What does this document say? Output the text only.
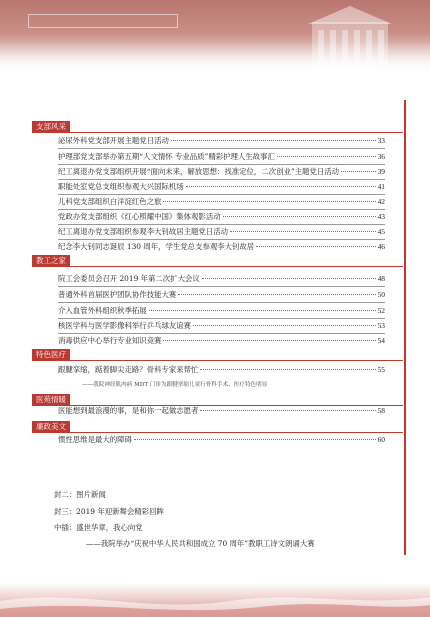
支部风采
泌尿外科党支部开展主题党日活动	33
护理部党支部举办第五期“人文情怀 专业品质”精彩护理人生故事汇	36
纪工离退办党支部组织开展“面向未来，解放思想：找准定位，二次创业”主题党日活动	39
职能处室党总支组织参观大兴国际机场	41
儿科党支部组织白洋淀红色之旅	42
党政办党支部组织《红心照耀中国》集体观影活动	43
纪工离退办党支部组织参观李大钊故居主题党日活动	45
纪念李大钊同志诞辰 130 周年，学生党总支参观李大钊故居	46
教工之家
院工会委员会召开 2019 年第二次扩大会议	48
普通外科首届医护团队协作技能大赛	50
介入血管外科组织秋季拓展	52
核医学科与医学影像科举行乒乓球友谊赛	53
消毒供应中心举行专业知识竞赛	54
特色医疗
跟腱挛缩，踮着脚尖走路？骨科专家来帮忙	55
——我院神经肌肉病 MDT 门诊为跟腱挛缩儿童行骨科手术、医疗特色明显
医苑情暖
医能想到最浪漫的事，是和你一起做志愿者	58
廉政美文
惯性思维是最大的障碍	60
封二：图片新闻
封三：2019 年迎新舞会精彩回眸
中插：盛世华章，我心向党
——我院举办“庆祝中华人民共和国成立 70 周年”教职工诗文朗诵大赛
